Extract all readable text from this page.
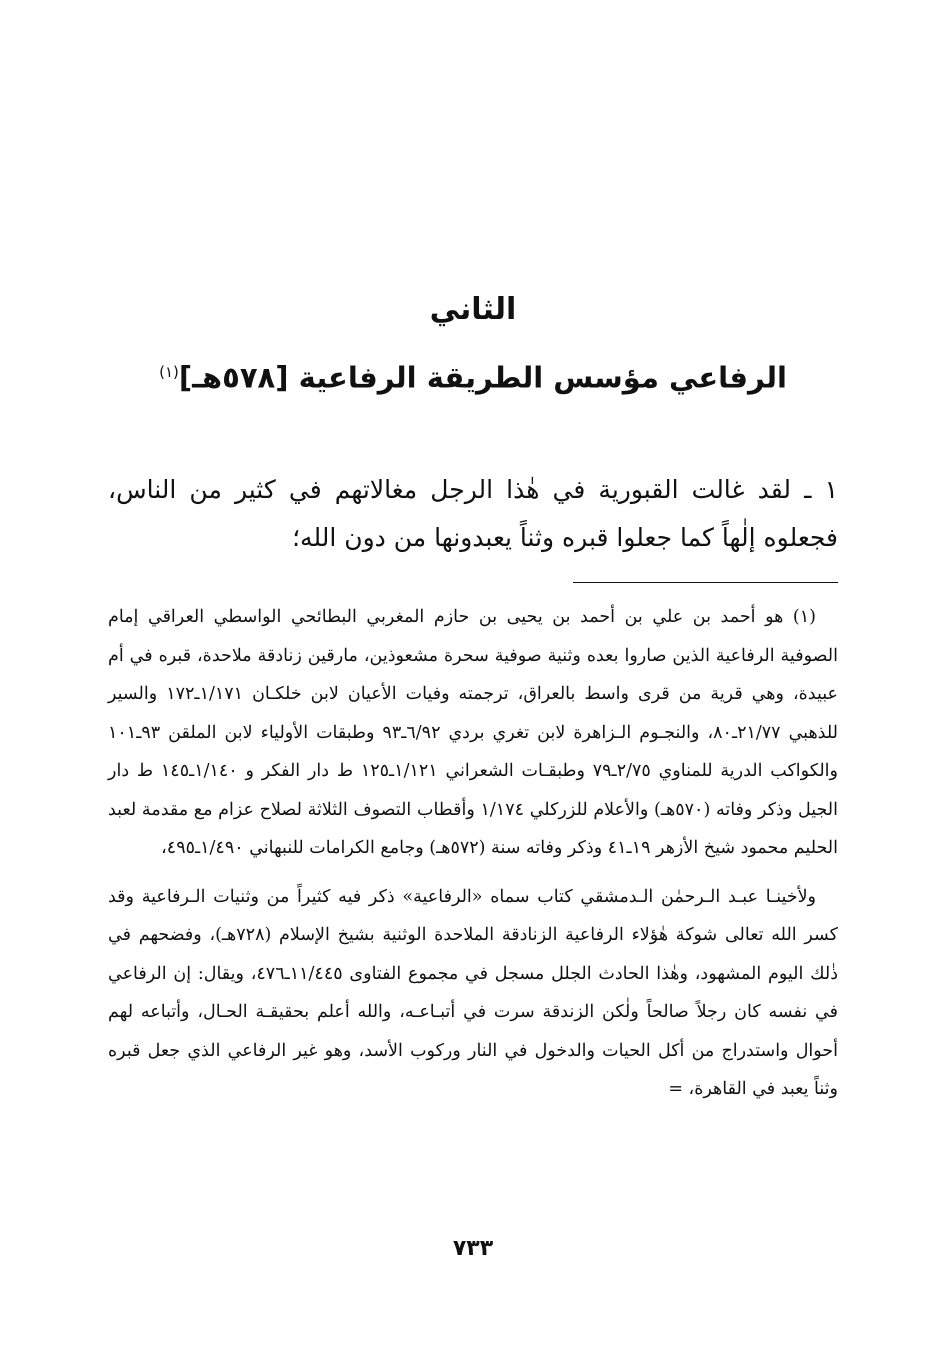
الثاني
الرفاعي مؤسس الطريقة الرفاعية [٥٧٨هـ]$^{(١)}$
١ ـ لقد غالت القبورية في هٰذا الرجل مغالاتهم في كثير من الناس، فجعلوه إلٰهاً كما جعلوا قبره وثناً يعبدونها من دون الله؛

(١) هو أحمد بن علي بن أحمد بن يحيى بن حازم المغربي البطائحي الواسطي العراقي إمام الصوفية الرفاعية الذين صاروا بعده وثنية صوفية سحرة مشعوذين، مارقين زنادقة ملاحدة، قبره في أم عبيدة، وهي قرية من قرى واسط بالعراق، ترجمته وفيات الأعيان لابن خلكـان ١/١٧١ـ١٧٢ والسير للذهبي ٢١/٧٧ـ٨٠، والنجـوم الـزاهرة لابن تغري بردي ٦/٩٢ـ٩٣ وطبقات الأولياء لابن الملقن ٩٣ـ١٠١ والكواكب الدرية للمناوي ٢/٧٥ـ٧٩ وطبقـات الشعراني ١/١٢١ـ١٢٥ ط دار الفكر و ١/١٤٠ـ١٤٥ ط دار الجيل وذكر وفاته (٥٧٠هـ) والأعلام للزركلي ١/١٧٤ وأقطاب التصوف الثلاثة لصلاح عزام مع مقدمة لعبد الحليم محمود شيخ الأزهر ١٩ـ٤١ وذكر وفاته سنة (٥٧٢هـ) وجامع الكرامات للنبهاني ١/٤٩٠ـ٤٩٥،

ولأخينـا عبـد الـرحمٰن الـدمشقي كتاب سماه «الرفاعية» ذكر فيه كثيراً من وثنيات الـرفاعية وقد كسر الله تعالى شوكة هٰؤلاء الرفاعية الزنادقة الملاحدة الوثنية بشيخ الإسلام (٧٢٨هـ)، وفضحهم في ذٰلك اليوم المشهود، وهٰذا الحادث الجلل مسجل في مجموع الفتاوى ١١/٤٤٥ـ٤٧٦، ويقال: إن الرفاعي في نفسه كان رجلاً صالحاً ولٰكن الزندقة سرت في أتبـاعـه، والله أعلم بحقيقـة الحـال، وأتباعه لهم أحوال واستدراج من أكل الحيات والدخول في النار وركوب الأسد، وهو غير الرفاعي الذي جعل قبره وثناً يعبد في القاهرة، =

٧٣٣
